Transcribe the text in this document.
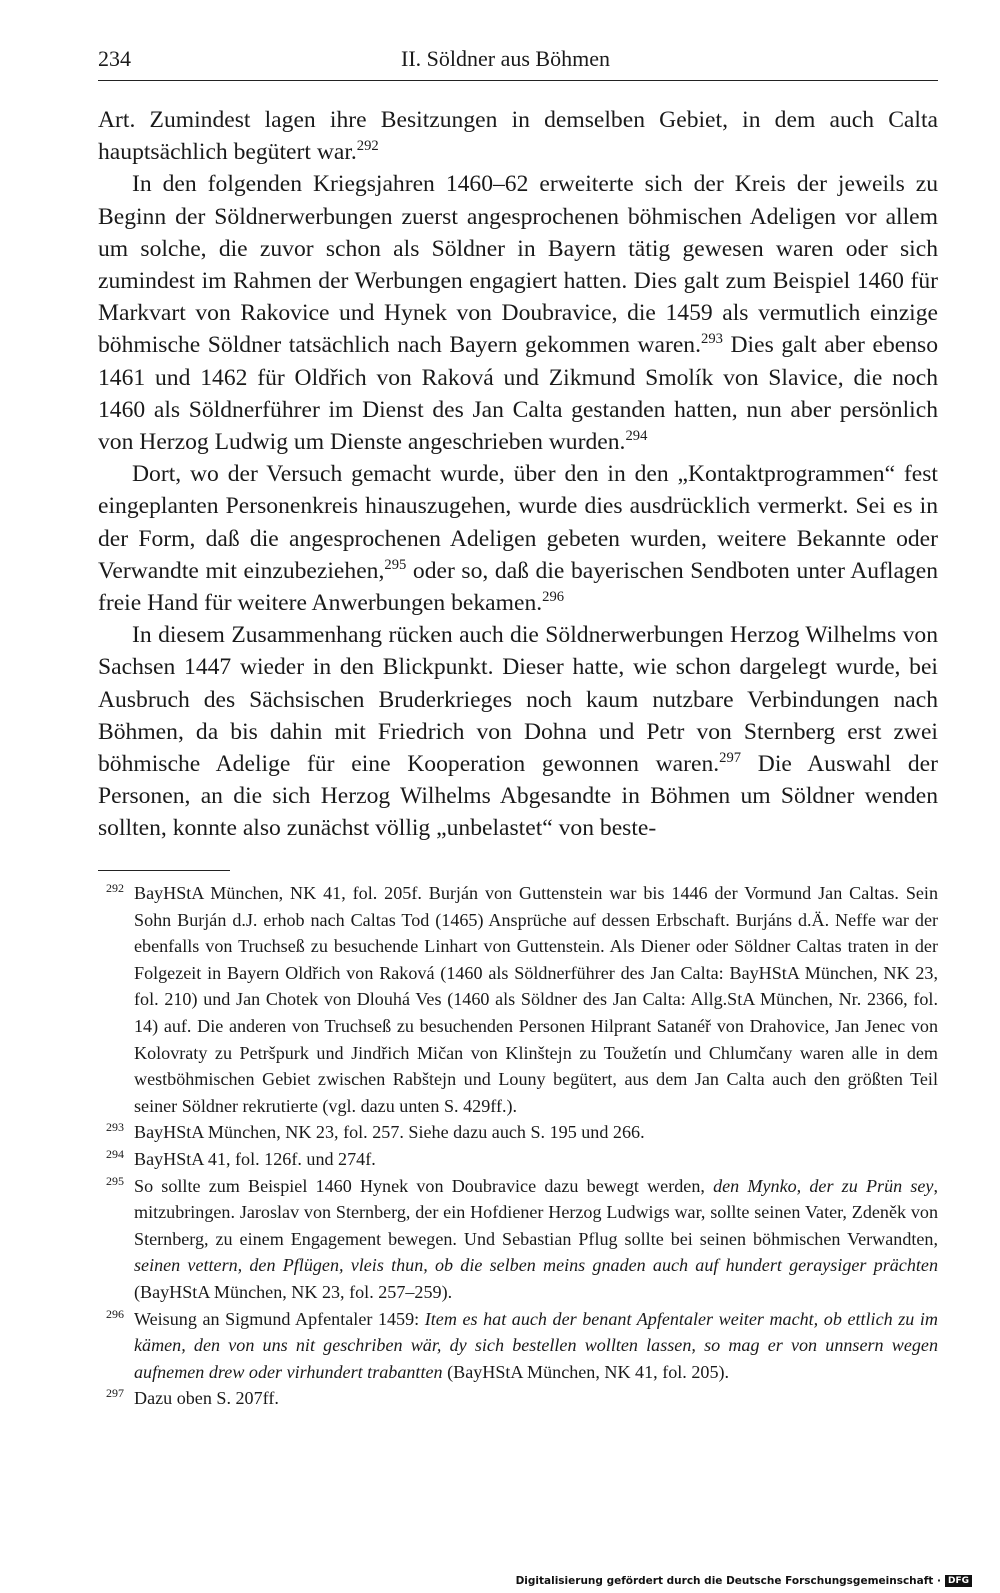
234	II. Söldner aus Böhmen

Art. Zumindest lagen ihre Besitzungen in demselben Gebiet, in dem auch Calta hauptsächlich begütert war.$^{292}$

In den folgenden Kriegsjahren 1460–62 erweiterte sich der Kreis der jeweils zu Beginn der Söldnerwerbungen zuerst angesprochenen böhmischen Adeligen vor allem um solche, die zuvor schon als Söldner in Bayern tätig gewesen waren oder sich zumindest im Rahmen der Werbungen engagiert hatten. Dies galt zum Beispiel 1460 für Markvart von Rakovice und Hynek von Doubravice, die 1459 als vermutlich einzige böhmische Söldner tatsächlich nach Bayern gekommen waren.$^{293}$ Dies galt aber ebenso 1461 und 1462 für Oldřich von Raková und Zikmund Smolík von Slavice, die noch 1460 als Söldnerführer im Dienst des Jan Calta gestanden hatten, nun aber persönlich von Herzog Ludwig um Dienste angeschrieben wurden.$^{294}$

Dort, wo der Versuch gemacht wurde, über den in den „Kontaktprogrammen“ fest eingeplanten Personenkreis hinauszugehen, wurde dies ausdrücklich vermerkt. Sei es in der Form, daß die angesprochenen Adeligen gebeten wurden, weitere Bekannte oder Verwandte mit einzubeziehen,$^{295}$ oder so, daß die bayerischen Sendboten unter Auflagen freie Hand für weitere Anwerbungen bekamen.$^{296}$

In diesem Zusammenhang rücken auch die Söldnerwerbungen Herzog Wilhelms von Sachsen 1447 wieder in den Blickpunkt. Dieser hatte, wie schon dargelegt wurde, bei Ausbruch des Sächsischen Bruderkrieges noch kaum nutzbare Verbindungen nach Böhmen, da bis dahin mit Friedrich von Dohna und Petr von Sternberg erst zwei böhmische Adelige für eine Kooperation gewonnen waren.$^{297}$ Die Auswahl der Personen, an die sich Herzog Wilhelms Abgesandte in Böhmen um Söldner wenden sollten, konnte also zunächst völlig „unbelastet“ von beste-

292 BayHStA München, NK 41, fol. 205f. Burján von Guttenstein war bis 1446 der Vormund Jan Caltas. Sein Sohn Burján d.J. erhob nach Caltas Tod (1465) Ansprüche auf dessen Erbschaft. Burjáns d.Ä. Neffe war der ebenfalls von Truchseß zu besuchende Linhart von Guttenstein. Als Diener oder Söldner Caltas traten in der Folgezeit in Bayern Oldřich von Raková (1460 als Söldnerführer des Jan Calta: BayHStA München, NK 23, fol. 210) und Jan Chotek von Dlouhá Ves (1460 als Söldner des Jan Calta: Allg.StA München, Nr. 2366, fol. 14) auf. Die anderen von Truchseß zu besuchenden Personen Hilprant Satanéř von Drahovice, Jan Jenec von Kolovraty zu Petršpurk und Jindřich Mičan von Klinštejn zu Toužetín und Chlumčany waren alle in dem westböhmischen Gebiet zwischen Rabštejn und Louny begütert, aus dem Jan Calta auch den größten Teil seiner Söldner rekrutierte (vgl. dazu unten S. 429ff.).

293 BayHStA München, NK 23, fol. 257. Siehe dazu auch S. 195 und 266.

294 BayHStA 41, fol. 126f. und 274f.

295 So sollte zum Beispiel 1460 Hynek von Doubravice dazu bewegt werden, den Mynko, der zu Prün sey, mitzubringen. Jaroslav von Sternberg, der ein Hofdiener Herzog Ludwigs war, sollte seinen Vater, Zdeněk von Sternberg, zu einem Engagement bewegen. Und Sebastian Pflug sollte bei seinen böhmischen Verwandten, seinen vettern, den Pflügen, vleis thun, ob die selben meins gnaden auch auf hundert geraysiger prächten (BayHStA München, NK 23, fol. 257–259).

296 Weisung an Sigmund Apfentaler 1459: Item es hat auch der benant Apfentaler weiter macht, ob ettlich zu im kämen, den von uns nit geschriben wär, dy sich bestellen wollten lassen, so mag er von unnsern wegen aufnemen drew oder virhundert trabantten (BayHStA München, NK 41, fol. 205).

297 Dazu oben S. 207ff.

Digitalisierung gefördert durch die Deutsche Forschungsgemeinschaft · DFG
